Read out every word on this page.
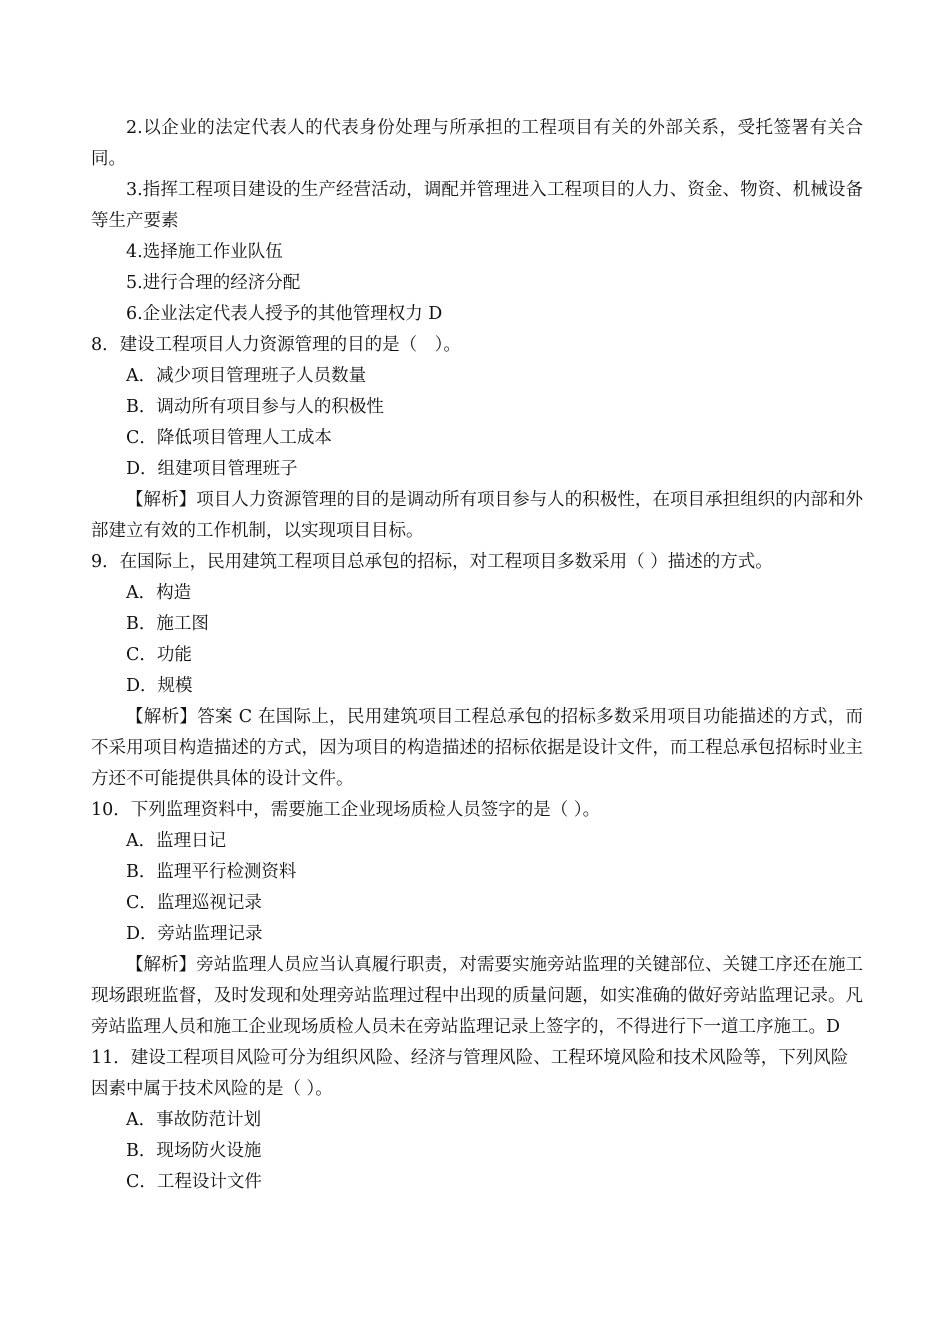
2.以企业的法定代表人的代表身份处理与所承担的工程项目有关的外部关系，受托签署有关合同。

3.指挥工程项目建设的生产经营活动，调配并管理进入工程项目的人力、资金、物资、机械设备等生产要素

4.选择施工作业队伍

5.进行合理的经济分配

6.企业法定代表人授予的其他管理权力 D

8．建设工程项目人力资源管理的目的是（　）。

A．减少项目管理班子人员数量

B．调动所有项目参与人的积极性

C．降低项目管理人工成本

D．组建项目管理班子

【解析】项目人力资源管理的目的是调动所有项目参与人的积极性，在项目承担组织的内部和外部建立有效的工作机制，以实现项目目标。

9．在国际上，民用建筑工程项目总承包的招标，对工程项目多数采用（ ）描述的方式。

A．构造

B．施工图

C．功能

D．规模

【解析】答案 C 在国际上，民用建筑项目工程总承包的招标多数采用项目功能描述的方式，而不采用项目构造描述的方式，因为项目的构造描述的招标依据是设计文件，而工程总承包招标时业主方还不可能提供具体的设计文件。

10．下列监理资料中，需要施工企业现场质检人员签字的是（ ）。

A．监理日记

B．监理平行检测资料

C．监理巡视记录

D．旁站监理记录

【解析】旁站监理人员应当认真履行职责，对需要实施旁站监理的关键部位、关键工序还在施工现场跟班监督，及时发现和处理旁站监理过程中出现的质量问题，如实准确的做好旁站监理记录。凡旁站监理人员和施工企业现场质检人员未在旁站监理记录上签字的，不得进行下一道工序施工。D

11．建设工程项目风险可分为组织风险、经济与管理风险、工程环境风险和技术风险等，下列风险因素中属于技术风险的是（ ）。

A．事故防范计划

B．现场防火设施

C．工程设计文件
